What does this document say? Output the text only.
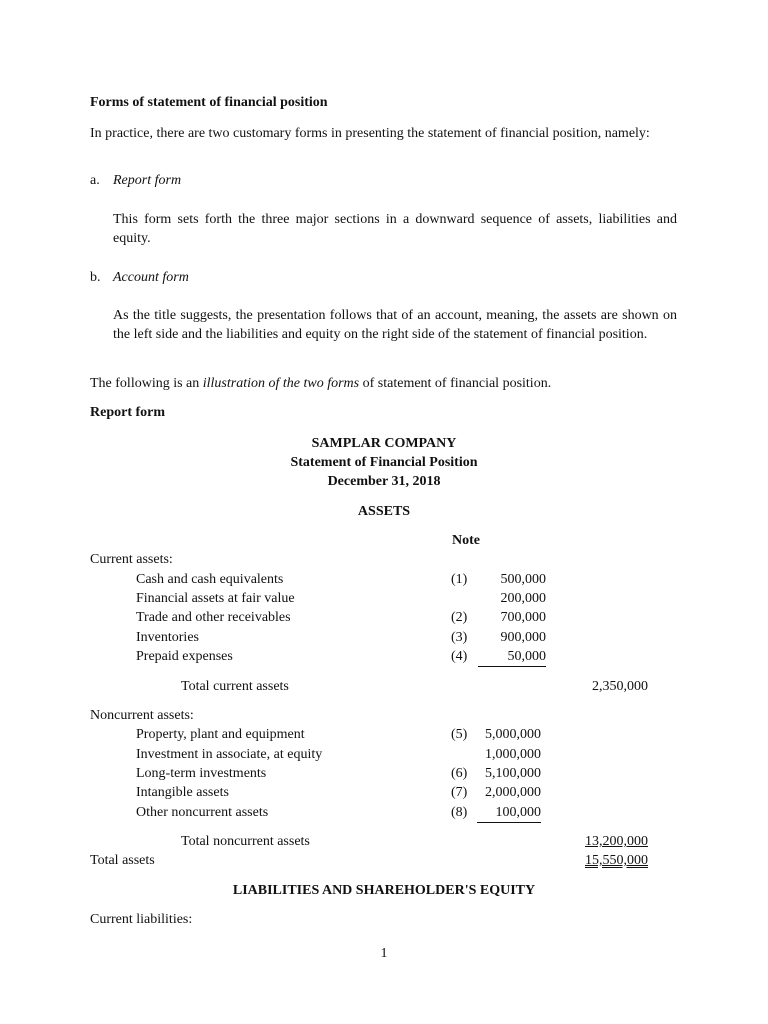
Forms of statement of financial position
In practice, there are two customary forms in presenting the statement of financial position, namely:
a. Report form
This form sets forth the three major sections in a downward sequence of assets, liabilities and equity.
b. Account form
As the title suggests, the presentation follows that of an account, meaning, the assets are shown on the left side and the liabilities and equity on the right side of the statement of financial position.
The following is an illustration of the two forms of statement of financial position.
Report form
SAMPLAR COMPANY
Statement of Financial Position
December 31, 2018
ASSETS
Note
Current assets:
Cash and cash equivalents	(1) 500,000
Financial assets at fair value	200,000
Trade and other receivables	(2) 700,000
Inventories	(3) 900,000
Prepaid expenses	(4)	50,000
Total current assets	2,350,000
Noncurrent assets:
Property, plant and equipment	(5) 5,000,000
Investment in associate, at equity	1,000,000
Long-term investments	(6) 5,100,000
Intangible assets	(7) 2,000,000
Other noncurrent assets	(8)	100,000
Total noncurrent assets	13,200,000
Total assets	15,550,000
LIABILITIES AND SHAREHOLDER'S EQUITY
Current liabilities:
1
